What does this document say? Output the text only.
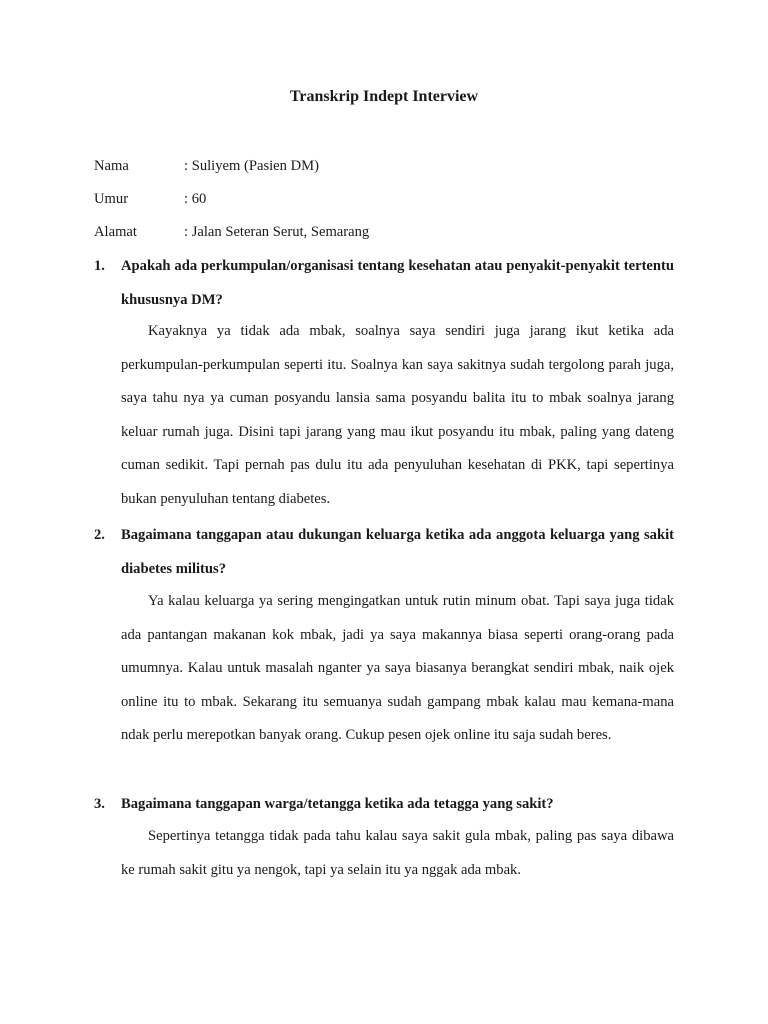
Transkrip Indept Interview
Nama	: Suliyem (Pasien DM)
Umur	: 60
Alamat	: Jalan Seteran Serut, Semarang
1. Apakah ada perkumpulan/organisasi tentang kesehatan atau penyakit-penyakit tertentu khususnya DM?
Kayaknya ya tidak ada mbak, soalnya saya sendiri juga jarang ikut ketika ada perkumpulan-perkumpulan seperti itu. Soalnya kan saya sakitnya sudah tergolong parah juga, saya tahu nya ya cuman posyandu lansia sama posyandu balita itu to mbak soalnya jarang keluar rumah juga. Disini tapi jarang yang mau ikut posyandu itu mbak, paling yang dateng cuman sedikit. Tapi pernah pas dulu itu ada penyuluhan kesehatan di PKK, tapi sepertinya bukan penyuluhan tentang diabetes.
2. Bagaimana tanggapan atau dukungan keluarga ketika ada anggota keluarga yang sakit diabetes militus?
Ya kalau keluarga ya sering mengingatkan untuk rutin minum obat. Tapi saya juga tidak ada pantangan makanan kok mbak, jadi ya saya makannya biasa seperti orang-orang pada umumnya. Kalau untuk masalah nganter ya saya biasanya berangkat sendiri mbak, naik ojek online itu to mbak. Sekarang itu semuanya sudah gampang mbak kalau mau kemana-mana ndak perlu merepotkan banyak orang. Cukup pesen ojek online itu saja sudah beres.
3. Bagaimana tanggapan warga/tetangga ketika ada tetagga yang sakit?
Sepertinya tetangga tidak pada tahu kalau saya sakit gula mbak, paling pas saya dibawa ke rumah sakit gitu ya nengok, tapi ya selain itu ya nggak ada mbak.
